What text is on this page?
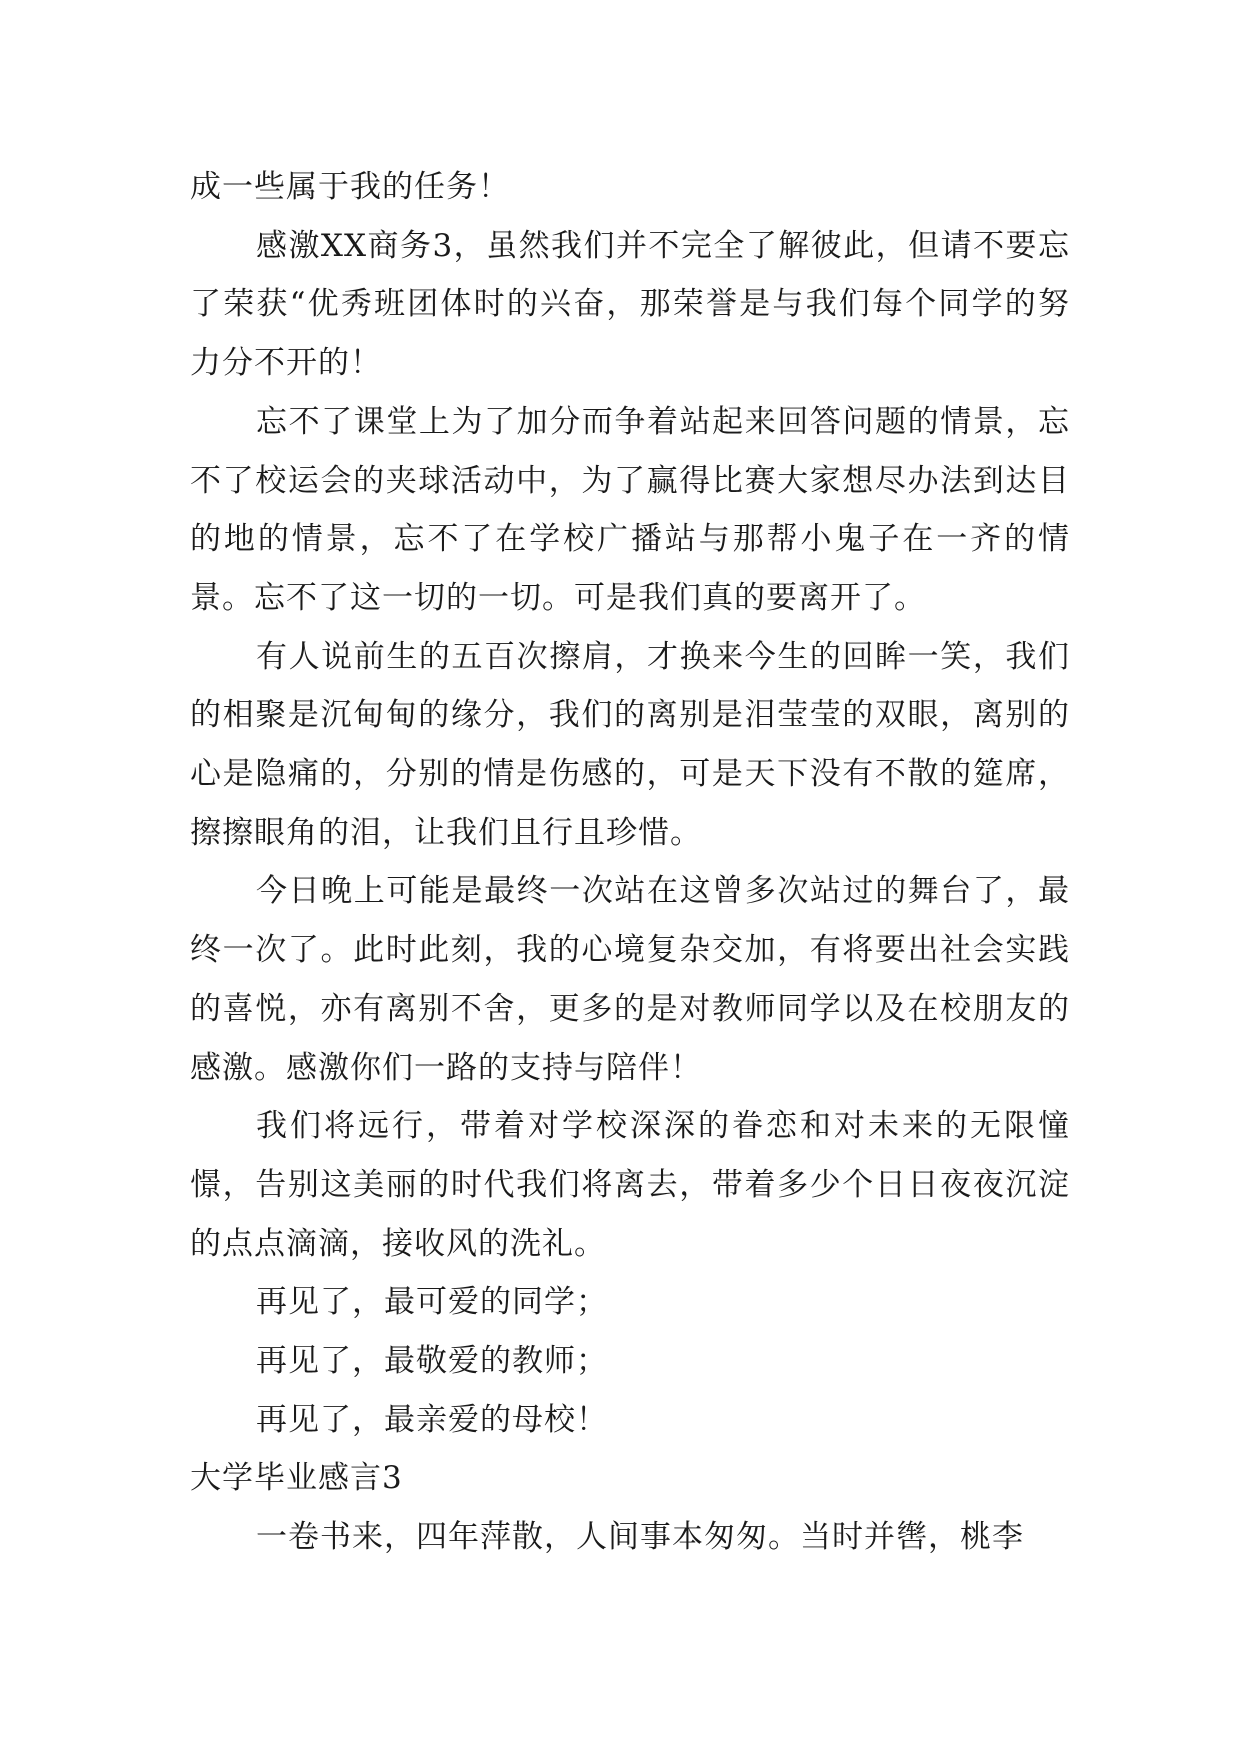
成一些属于我的任务！

感激XX商务3，虽然我们并不完全了解彼此，但请不要忘了荣获“优秀班团体时的兴奋，那荣誉是与我们每个同学的努力分不开的！

忘不了课堂上为了加分而争着站起来回答问题的情景，忘不了校运会的夹球活动中，为了赢得比赛大家想尽办法到达目的地的情景，忘不了在学校广播站与那帮小鬼子在一齐的情景。忘不了这一切的一切。可是我们真的要离开了。

有人说前生的五百次擦肩，才换来今生的回眸一笑，我们的相聚是沉甸甸的缘分，我们的离别是泪莹莹的双眼，离别的心是隐痛的，分别的情是伤感的，可是天下没有不散的筵席，擦擦眼角的泪，让我们且行且珍惜。

今日晚上可能是最终一次站在这曾多次站过的舞台了，最终一次了。此时此刻，我的心境复杂交加，有将要出社会实践的喜悦，亦有离别不舍，更多的是对教师同学以及在校朋友的感激。感激你们一路的支持与陪伴！

我们将远行，带着对学校深深的眷恋和对未来的无限憧憬，告别这美丽的时代我们将离去，带着多少个日日夜夜沉淀的点点滴滴，接收风的洗礼。

再见了，最可爱的同学；

再见了，最敬爱的教师；

再见了，最亲爱的母校！

大学毕业感言3

一卷书来，四年萍散，人间事本匆匆。当时并辔，桃李
